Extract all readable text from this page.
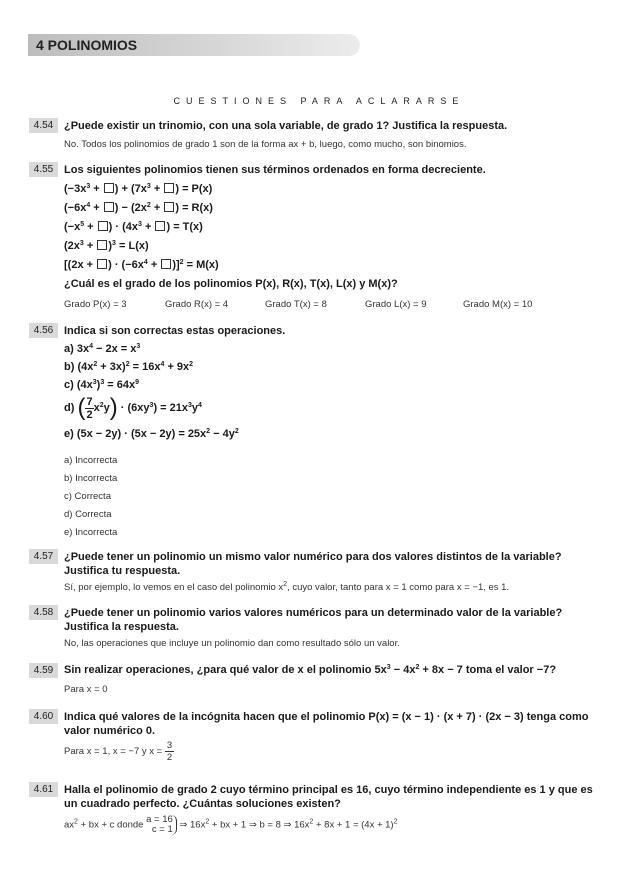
4 POLINOMIOS
CUESTIONES PARA ACLARARSE
4.54 ¿Puede existir un trinomio, con una sola variable, de grado 1? Justifica la respuesta.
No. Todos los polinomios de grado 1 son de la forma ax + b, luego, como mucho, son binomios.
4.55 Los siguientes polinomios tienen sus términos ordenados en forma decreciente.
($-3x^3$ + ) + ($7x^3$ + ) = P(x)
($-6x^4$ + ) − ($2x^2$ + ) = R(x)
($-x^5$ + ) · ($4x^3$ + ) = T(x)
$(2x^3 + )^3 = L(x)$
[(2x + ) · $(-6x^4 + )]^2 = M(x)$
¿Cuál es el grado de los polinomios P(x), R(x), T(x), L(x) y M(x)?
Grado P(x) = 3	Grado R(x) = 4	Grado T(x) = 8	Grado L(x) = 9	Grado M(x) = 10
4.56 Indica si son correctas estas operaciones.
a) $3x^4 - 2x = x^3$
b) $(4x^2 + 3x)^2 = 16x^4 + 9x^2$
c) $(4x^3)^3 = 64x^9$
d) ( $\frac{7}{2} x^2y) \cdot (6xy^3) = 21x^3y^4$
e) $(5x - 2y) \cdot (5x - 2y) = 25x^2 - 4y^2$
a) Incorrecta
b) Incorrecta
c) Correcta
d) Correcta
e) Incorrecta
4.57 ¿Puede tener un polinomio un mismo valor numérico para dos valores distintos de la variable? Justifica tu respuesta.
Sí, por ejemplo, lo vemos en el caso del polinomio $x^2$, cuyo valor, tanto para x = 1 como para x = −1, es 1.
4.58 ¿Puede tener un polinomio varios valores numéricos para un determinado valor de la variable? Justifica la respuesta.
No, las operaciones que incluye un polinomio dan como resultado sólo un valor.
4.59 Sin realizar operaciones, ¿para qué valor de x el polinomio $5x^3 - 4x^2 + 8x - 7$ toma el valor −7?
Para x = 0
4.60 Indica qué valores de la incógnita hacen que el polinomio P(x) = (x − 1) · (x + 7) · (2x − 3) tenga como valor numérico 0.
Para x = 1, x = −7 y $x = \frac{3}{2}$
4.61 Halla el polinomio de grado 2 cuyo término principal es 16, cuyo término independiente es 1 y que es un cuadrado perfecto. ¿Cuántas soluciones existen?
$ax^2$ + bx + c donde
a = 16
c = 1 ⇒ $16x^2$ + bx + 1 ⇒ b = 8 ⇒ $16x^2 + 8x + 1 = (4x + 1)^2$
